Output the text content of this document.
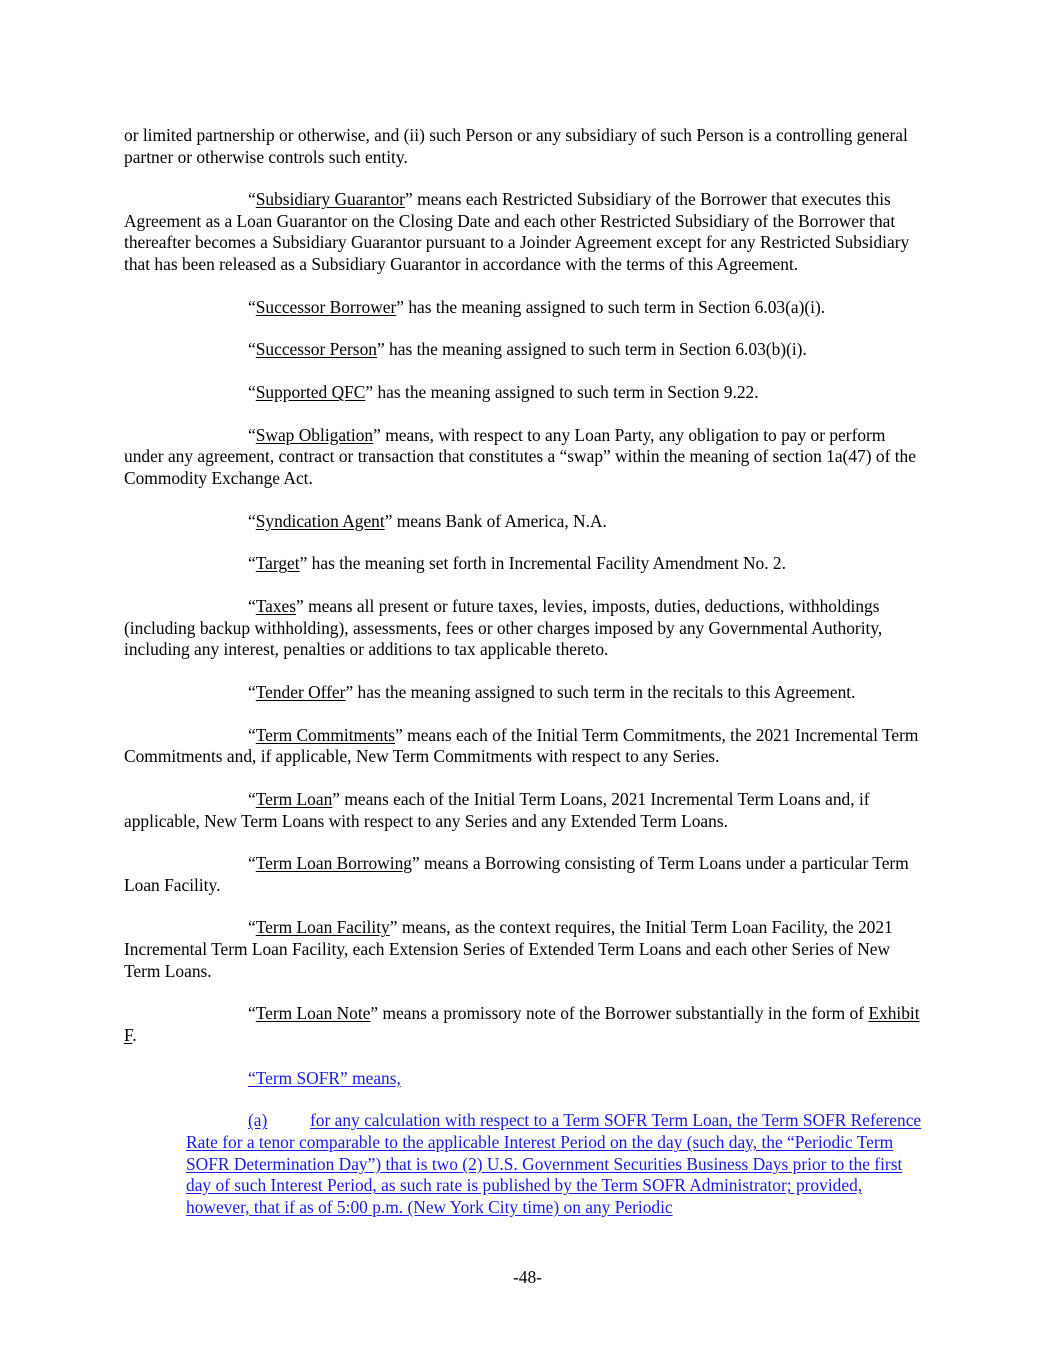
or limited partnership or otherwise, and (ii) such Person or any subsidiary of such Person is a controlling general partner or otherwise controls such entity.

“Subsidiary Guarantor” means each Restricted Subsidiary of the Borrower that executes this Agreement as a Loan Guarantor on the Closing Date and each other Restricted Subsidiary of the Borrower that thereafter becomes a Subsidiary Guarantor pursuant to a Joinder Agreement except for any Restricted Subsidiary that has been released as a Subsidiary Guarantor in accordance with the terms of this Agreement.

“Successor Borrower” has the meaning assigned to such term in Section 6.03(a)(i).

“Successor Person” has the meaning assigned to such term in Section 6.03(b)(i).

“Supported QFC” has the meaning assigned to such term in Section 9.22.

“Swap Obligation” means, with respect to any Loan Party, any obligation to pay or perform under any agreement, contract or transaction that constitutes a “swap” within the meaning of section 1a(47) of the Commodity Exchange Act.

“Syndication Agent” means Bank of America, N.A.

“Target” has the meaning set forth in Incremental Facility Amendment No. 2.

“Taxes” means all present or future taxes, levies, imposts, duties, deductions, withholdings (including backup withholding), assessments, fees or other charges imposed by any Governmental Authority, including any interest, penalties or additions to tax applicable thereto.

“Tender Offer” has the meaning assigned to such term in the recitals to this Agreement.

“Term Commitments” means each of the Initial Term Commitments, the 2021 Incremental Term Commitments and, if applicable, New Term Commitments with respect to any Series.

“Term Loan” means each of the Initial Term Loans, 2021 Incremental Term Loans and, if applicable, New Term Loans with respect to any Series and any Extended Term Loans.

“Term Loan Borrowing” means a Borrowing consisting of Term Loans under a particular Term Loan Facility.

“Term Loan Facility” means, as the context requires, the Initial Term Loan Facility, the 2021 Incremental Term Loan Facility, each Extension Series of Extended Term Loans and each other Series of New Term Loans.

“Term Loan Note” means a promissory note of the Borrower substantially in the form of Exhibit F.

“Term SOFR” means,

(a) for any calculation with respect to a Term SOFR Term Loan, the Term SOFR Reference Rate for a tenor comparable to the applicable Interest Period on the day (such day, the “Periodic Term SOFR Determination Day”) that is two (2) U.S. Government Securities Business Days prior to the first day of such Interest Period, as such rate is published by the Term SOFR Administrator; provided, however, that if as of 5:00 p.m. (New York City time) on any Periodic

-48-
